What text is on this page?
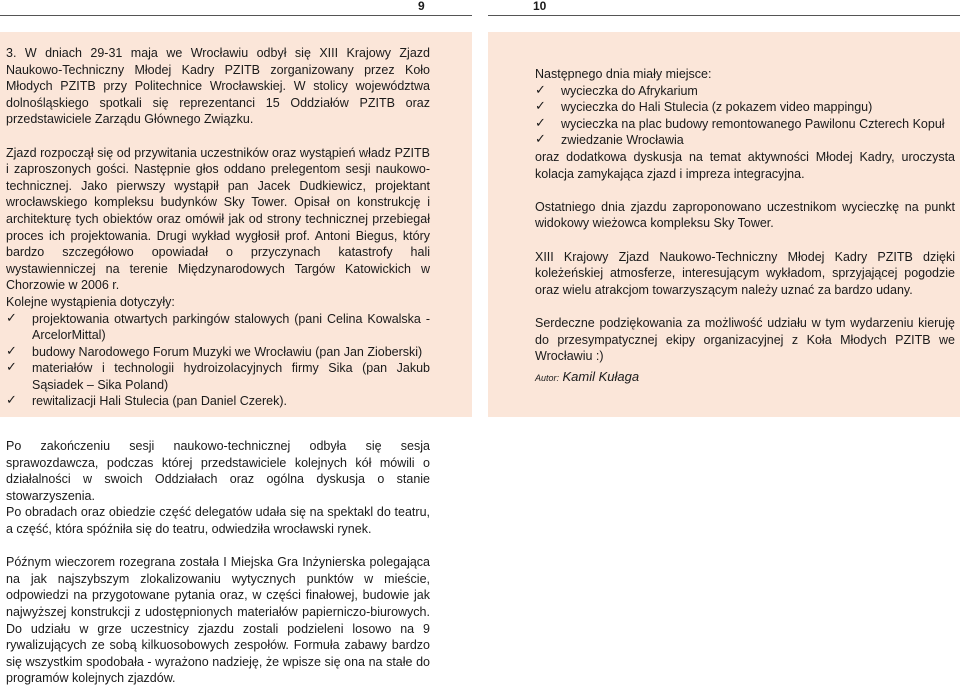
9	10

3. W dniach 29-31 maja we Wrocławiu odbył się XIII Krajowy Zjazd Naukowo-Techniczny Młodej Kadry PZITB zorganizowany przez Koło Młodych PZITB przy Politechnice Wrocławskiej. W stolicy województwa dolnośląskiego spotkali się reprezentanci 15 Oddziałów PZITB oraz przedstawiciele Zarządu Głównego Związku.

Zjazd rozpoczął się od przywitania uczestników oraz wystąpień władz PZITB i zaproszonych gości. Następnie głos oddano prelegentom sesji naukowo-technicznej. Jako pierwszy wystąpił pan Jacek Dudkiewicz, projektant wrocławskiego kompleksu budynków Sky Tower. Opisał on konstrukcję i architekturę tych obiektów oraz omówił jak od strony technicznej przebiegał proces ich projektowania. Drugi wykład wygłosił prof. Antoni Biegus, który bardzo szczegółowo opowiadał o przyczynach katastrofy hali wystawienniczej na terenie Międzynarodowych Targów Katowickich w Chorzowie w 2006 r.

Kolejne wystąpienia dotyczyły:

✓ projektowania otwartych parkingów stalowych (pani Celina Kowalska - ArcelorMittal)
✓ budowy Narodowego Forum Muzyki we Wrocławiu (pan Jan Zioberski)
✓ materiałów i technologii hydroizolacyjnych firmy Sika (pan Jakub Sąsiadek – Sika Poland)
✓ rewitalizacji Hali Stulecia (pan Daniel Czerek).

Po zakończeniu sesji naukowo-technicznej odbyła się sesja sprawozdawcza, podczas której przedstawiciele kolejnych kół mówili o działalności w swoich Oddziałach oraz ogólna dyskusja o stanie stowarzyszenia.

Po obradach oraz obiedzie część delegatów udała się na spektakl do teatru, a część, która spóźniła się do teatru, odwiedziła wrocławski rynek.

Późnym wieczorem rozegrana została I Miejska Gra Inżynierska polegająca na jak najszybszym zlokalizowaniu wytycznych punktów w mieście, odpowiedzi na przygotowane pytania oraz, w części finałowej, budowie jak najwyższej konstrukcji z udostępnionych materiałów papierniczo-biurowych. Do udziału w grze uczestnicy zjazdu zostali podzieleni losowo na 9 rywalizujących ze sobą kilkuosobowych zespołów. Formuła zabawy bardzo się wszystkim spodobała - wyrażono nadzieję, że wpisze się ona na stałe do programów kolejnych zjazdów.

Następnego dnia miały miejsce:

✓ wycieczka do Afrykarium
✓ wycieczka do Hali Stulecia (z pokazem video mappingu)
✓ wycieczka na plac budowy remontowanego Pawilonu Czterech Kopuł
✓ zwiedzanie Wrocławia

oraz dodatkowa dyskusja na temat aktywności Młodej Kadry, uroczysta kolacja zamykająca zjazd i impreza integracyjna.

Ostatniego dnia zjazdu zaproponowano uczestnikom wycieczkę na punkt widokowy wieżowca kompleksu Sky Tower.

XIII Krajowy Zjazd Naukowo-Techniczny Młodej Kadry PZITB dzięki koleżeńskiej atmosferze, interesującym wykładom, sprzyjającej pogodzie oraz wielu atrakcjom towarzyszącym należy uznać za bardzo udany.

Serdeczne podziękowania za możliwość udziału w tym wydarzeniu kieruję do przesympatycznej ekipy organizacyjnej z Koła Młodych PZITB we Wrocławiu :)

Autor: Kamil Kułaga
